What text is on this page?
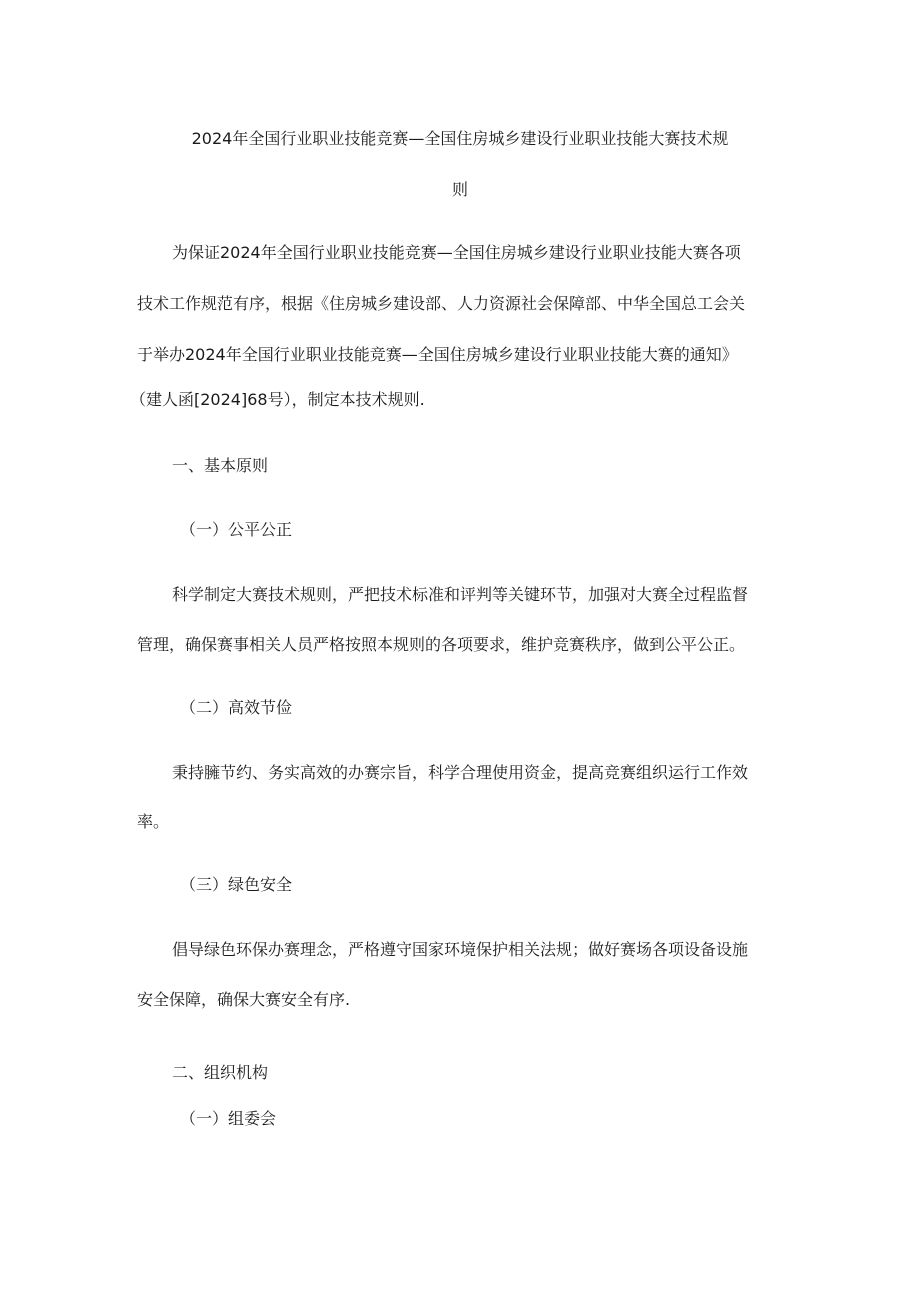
2024年全国行业职业技能竞赛—全国住房城乡建设行业职业技能大赛技术规
则
为保证2024年全国行业职业技能竞赛—全国住房城乡建设行业职业技能大赛各项
技术工作规范有序，根据《住房城乡建设部、人力资源社会保障部、中华全国总工会关
于举办2024年全国行业职业技能竞赛—全国住房城乡建设行业职业技能大赛的通知》
（建人函[2024]68号），制定本技术规则.
一、基本原则
（一）公平公正
科学制定大赛技术规则，严把技术标准和评判等关键环节，加强对大赛全过程监督
管理，确保赛事相关人员严格按照本规则的各项要求，维护竞赛秩序，做到公平公正。
（二）高效节俭
秉持臃节约、务实高效的办赛宗旨，科学合理使用资金，提高竞赛组织运行工作效
率。
（三）绿色安全
倡导绿色环保办赛理念，严格遵守国家环境保护相关法规；做好赛场各项设备设施
安全保障，确保大赛安全有序.
二、组织机构
（一）组委会
